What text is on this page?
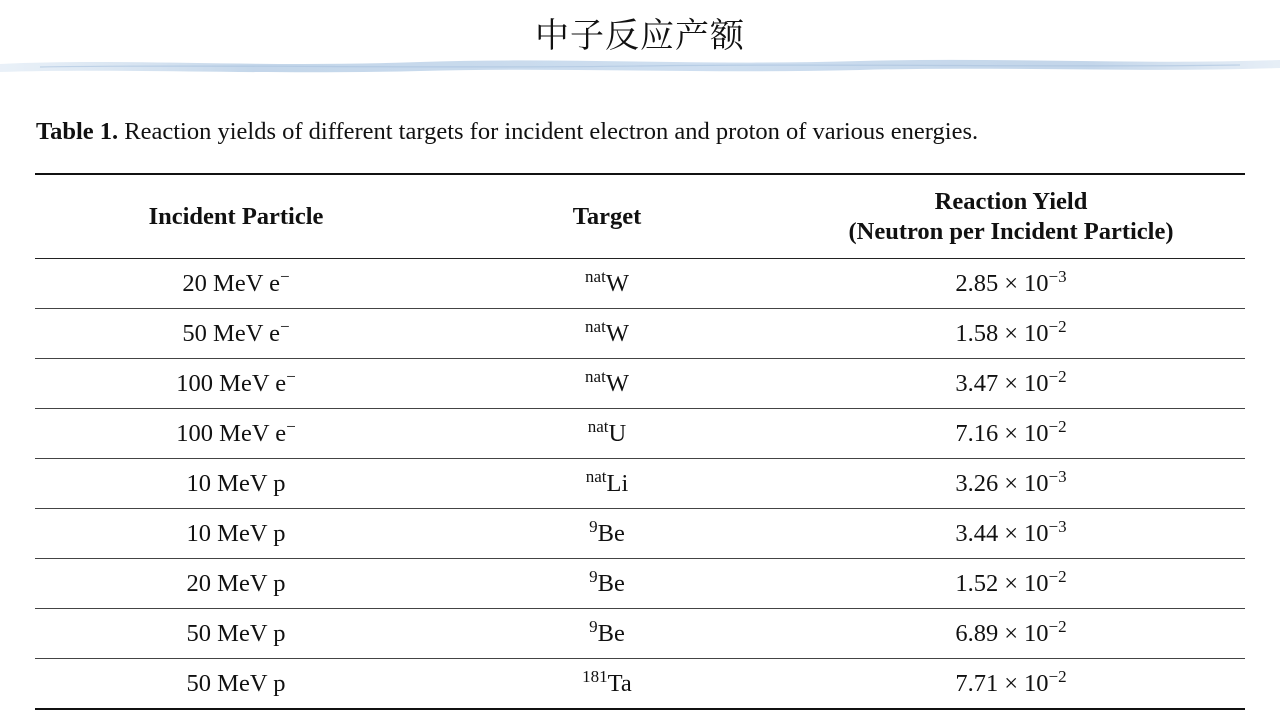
中子反应产额
Table 1. Reaction yields of different targets for incident electron and proton of various energies.
Incident Particle	Target	Reaction Yield
(Neutron per Incident Particle)

20 MeV e−	$^{nat}$W	$2.85 \times 10^{-3}$
50 MeV e−	$^{nat}$W	$1.58 \times 10^{-2}$
100 MeV e−	$^{nat}$W	$3.47 \times 10^{-2}$
100 MeV e−	$^{nat}$U	$7.16 \times 10^{-2}$
10 MeV p	$^{nat}$Li	$3.26 \times 10^{-3}$
10 MeV p	$^9$Be	$3.44 \times 10^{-3}$
20 MeV p	$^9$Be	$1.52 \times 10^{-2}$
50 MeV p	$^9$Be	$6.89 \times 10^{-2}$
50 MeV p	$^{181}$Ta	$7.71 \times 10^{-2}$
